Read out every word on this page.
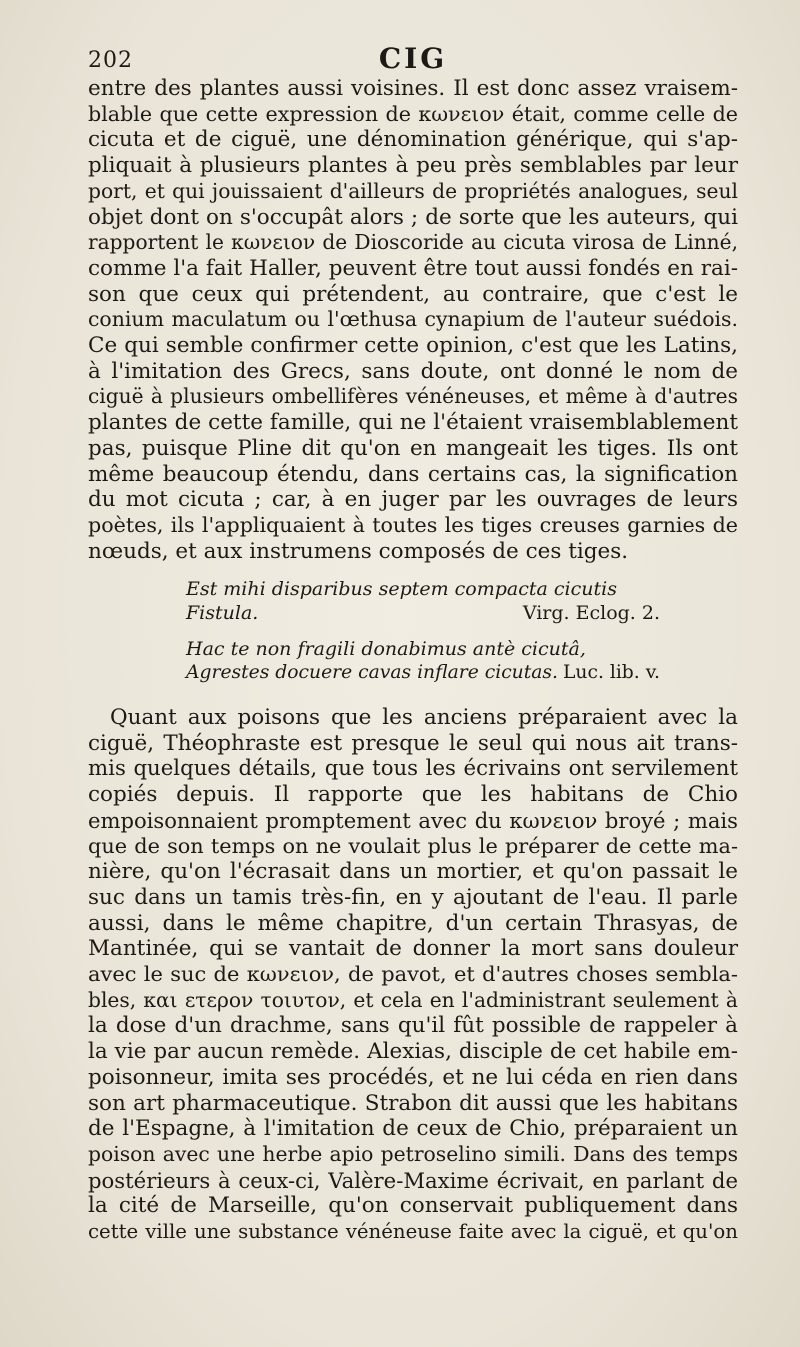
202	CIG
entre des plantes aussi voisines. Il est donc assez vraisem-
blable que cette expression de κωνειον était, comme celle de
cicuta et de ciguë, une dénomination générique, qui s'ap-
pliquait à plusieurs plantes à peu près semblables par leur
port, et qui jouissaient d'ailleurs de propriétés analogues, seul
objet dont on s'occupât alors ; de sorte que les auteurs, qui
rapportent le κωνειον de Dioscoride au cicuta virosa de Linné,
comme l'a fait Haller, peuvent être tout aussi fondés en rai-
son que ceux qui prétendent, au contraire, que c'est le
conium maculatum ou l'œthusa cynapium de l'auteur suédois.
Ce qui semble confirmer cette opinion, c'est que les Latins,
à l'imitation des Grecs, sans doute, ont donné le nom de
ciguë à plusieurs ombellifères vénéneuses, et même à d'autres
plantes de cette famille, qui ne l'étaient vraisemblablement
pas, puisque Pline dit qu'on en mangeait les tiges. Ils ont
même beaucoup étendu, dans certains cas, la signification
du mot cicuta ; car, à en juger par les ouvrages de leurs
poètes, ils l'appliquaient à toutes les tiges creuses garnies de
nœuds, et aux instrumens composés de ces tiges.
Est mihi disparibus septem compacta cicutis
Fistula.	Virg. Eclog. 2.
Hac te non fragili donabimus antè cicutâ,
Agrestes docuere cavas inflare cicutas. Luc. lib. v.
Quant aux poisons que les anciens préparaient avec la
ciguë, Théophraste est presque le seul qui nous ait trans-
mis quelques détails, que tous les écrivains ont servilement
copiés depuis. Il rapporte que les habitans de Chio
empoisonnaient promptement avec du κωνειον broyé ; mais
que de son temps on ne voulait plus le préparer de cette ma-
nière, qu'on l'écrasait dans un mortier, et qu'on passait le
suc dans un tamis très-fin, en y ajoutant de l'eau. Il parle
aussi, dans le même chapitre, d'un certain Thrasyas, de
Mantinée, qui se vantait de donner la mort sans douleur
avec le suc de κωνειον, de pavot, et d'autres choses sembla-
bles, και ετερον τοιυτον, et cela en l'administrant seulement à
la dose d'un drachme, sans qu'il fût possible de rappeler à
la vie par aucun remède. Alexias, disciple de cet habile em-
poisonneur, imita ses procédés, et ne lui céda en rien dans
son art pharmaceutique. Strabon dit aussi que les habitans
de l'Espagne, à l'imitation de ceux de Chio, préparaient un
poison avec une herbe apio petroselino simili. Dans des temps
postérieurs à ceux-ci, Valère-Maxime écrivait, en parlant de
la cité de Marseille, qu'on conservait publiquement dans
cette ville une substance vénéneuse faite avec la ciguë, et qu'on
